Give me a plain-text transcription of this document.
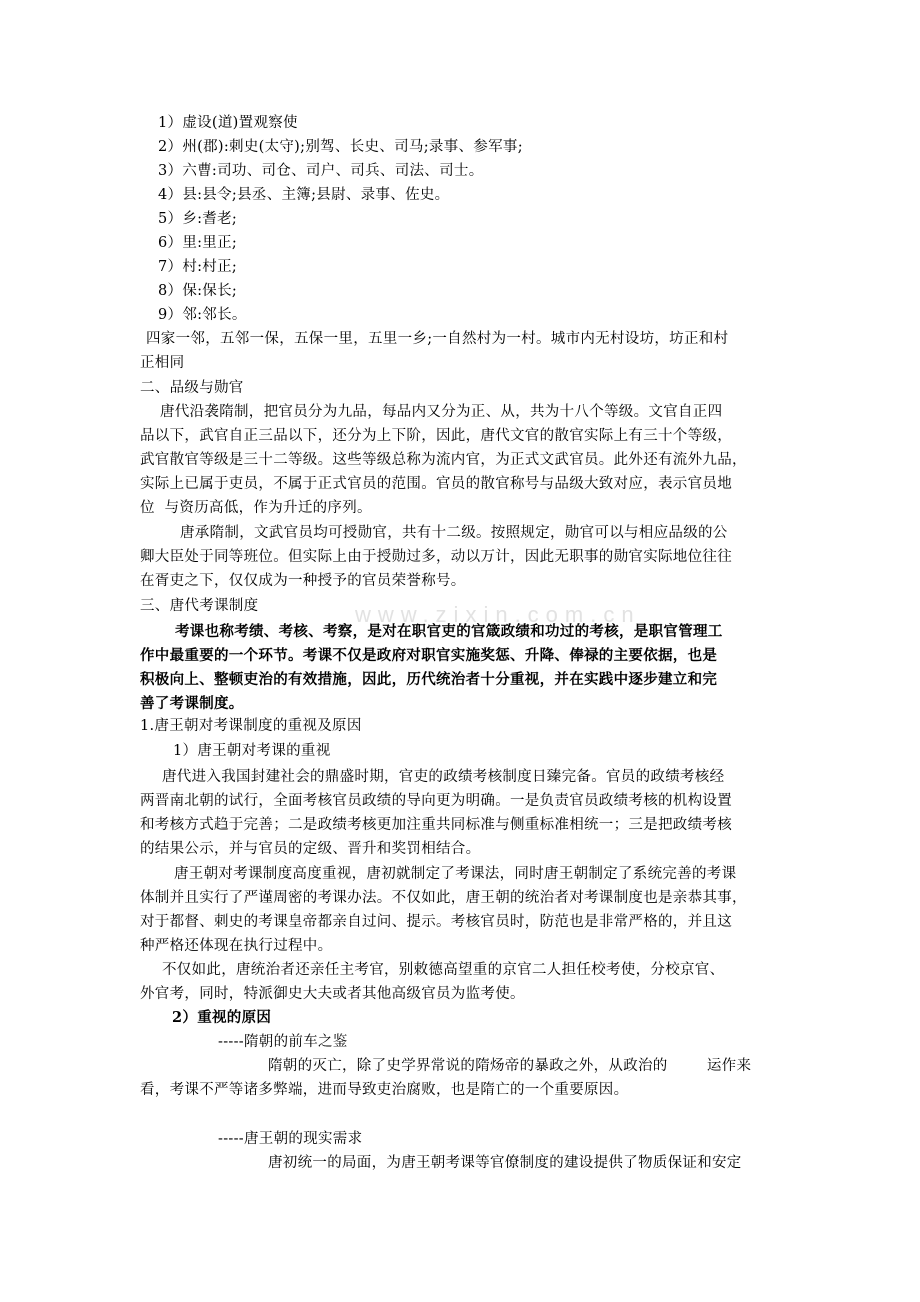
www.zixin.com.cn
1）虚设(道)置观察使
2）州(郡):刺史(太守);别驾、长史、司马;录事、参军事;
3）六曹:司功、司仓、司户、司兵、司法、司士。
4）县:县令;县丞、主簿;县尉、录事、佐史。
5）乡:耆老;
6）里:里正;
7）村:村正;
8）保:保长;
9）邻:邻长。
四家一邻，五邻一保，五保一里，五里一乡;一自然村为一村。城市内无村设坊，坊正和村
正相同
二、品级与勋官
唐代沿袭隋制，把官员分为九品，每品内又分为正、从，共为十八个等级。文官自正四
品以下，武官自正三品以下，还分为上下阶，因此，唐代文官的散官实际上有三十个等级，
武官散官等级是三十二等级。这些等级总称为流内官，为正式文武官员。此外还有流外九品，
实际上已属于吏员，不属于正式官员的范围。官员的散官称号与品级大致对应，表示官员地
位  与资历高低，作为升迁的序列。
唐承隋制，文武官员均可授勋官，共有十二级。按照规定，勋官可以与相应品级的公
卿大臣处于同等班位。但实际上由于授勋过多，动以万计，因此无职事的勋官实际地位往往
在胥吏之下，仅仅成为一种授予的官员荣誉称号。
三、唐代考课制度
考课也称考绩、考核、考察，是对在职官吏的官箴政绩和功过的考核，是职官管理工
作中最重要的一个环节。考课不仅是政府对职官实施奖惩、升降、俸禄的主要依据，也是
积极向上、整顿吏治的有效措施，因此，历代统治者十分重视，并在实践中逐步建立和完
善了考课制度。
1.唐王朝对考课制度的重视及原因
1）唐王朝对考课的重视
唐代进入我国封建社会的鼎盛时期，官吏的政绩考核制度日臻完备。官员的政绩考核经
两晋南北朝的试行，全面考核官员政绩的导向更为明确。一是负责官员政绩考核的机构设置
和考核方式趋于完善；二是政绩考核更加注重共同标准与侧重标准相统一；三是把政绩考核
的结果公示，并与官员的定级、晋升和奖罚相结合。
唐王朝对考课制度高度重视，唐初就制定了考课法，同时唐王朝制定了系统完善的考课
体制并且实行了严谨周密的考课办法。不仅如此，唐王朝的统治者对考课制度也是亲恭其事，
对于都督、刺史的考课皇帝都亲自过问、提示。考核官员时，防范也是非常严格的，并且这
种严格还体现在执行过程中。
不仅如此，唐统治者还亲任主考官，别敕德高望重的京官二人担任校考使，分校京官、
外官考，同时，特派御史大夫或者其他高级官员为监考使。
2）重视的原因
-----隋朝的前车之鉴
隋朝的灭亡，除了史学界常说的隋炀帝的暴政之外，从政治的        运作来
看，考课不严等诸多弊端，进而导致吏治腐败，也是隋亡的一个重要原因。
-----唐王朝的现实需求
唐初统一的局面，为唐王朝考课等官僚制度的建设提供了物质保证和安定
